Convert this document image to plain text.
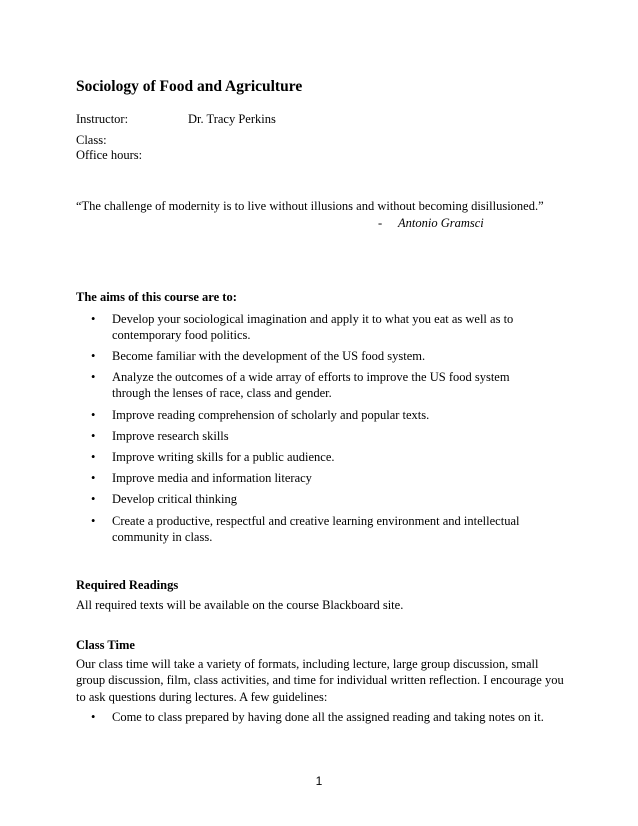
Sociology of Food and Agriculture
Instructor:	Dr. Tracy Perkins
Class:
Office hours:
“The challenge of modernity is to live without illusions and without becoming disillusioned.”
- Antonio Gramsci
The aims of this course are to:
• Develop your sociological imagination and apply it to what you eat as well as to contemporary food politics.
• Become familiar with the development of the US food system.
• Analyze the outcomes of a wide array of efforts to improve the US food system through the lenses of race, class and gender.
• Improve reading comprehension of scholarly and popular texts.
• Improve research skills
• Improve writing skills for a public audience.
• Improve media and information literacy
• Develop critical thinking
• Create a productive, respectful and creative learning environment and intellectual community in class.
Required Readings
All required texts will be available on the course Blackboard site.
Class Time
Our class time will take a variety of formats, including lecture, large group discussion, small group discussion, film, class activities, and time for individual written reflection. I encourage you to ask questions during lectures. A few guidelines:
• Come to class prepared by having done all the assigned reading and taking notes on it.
1
